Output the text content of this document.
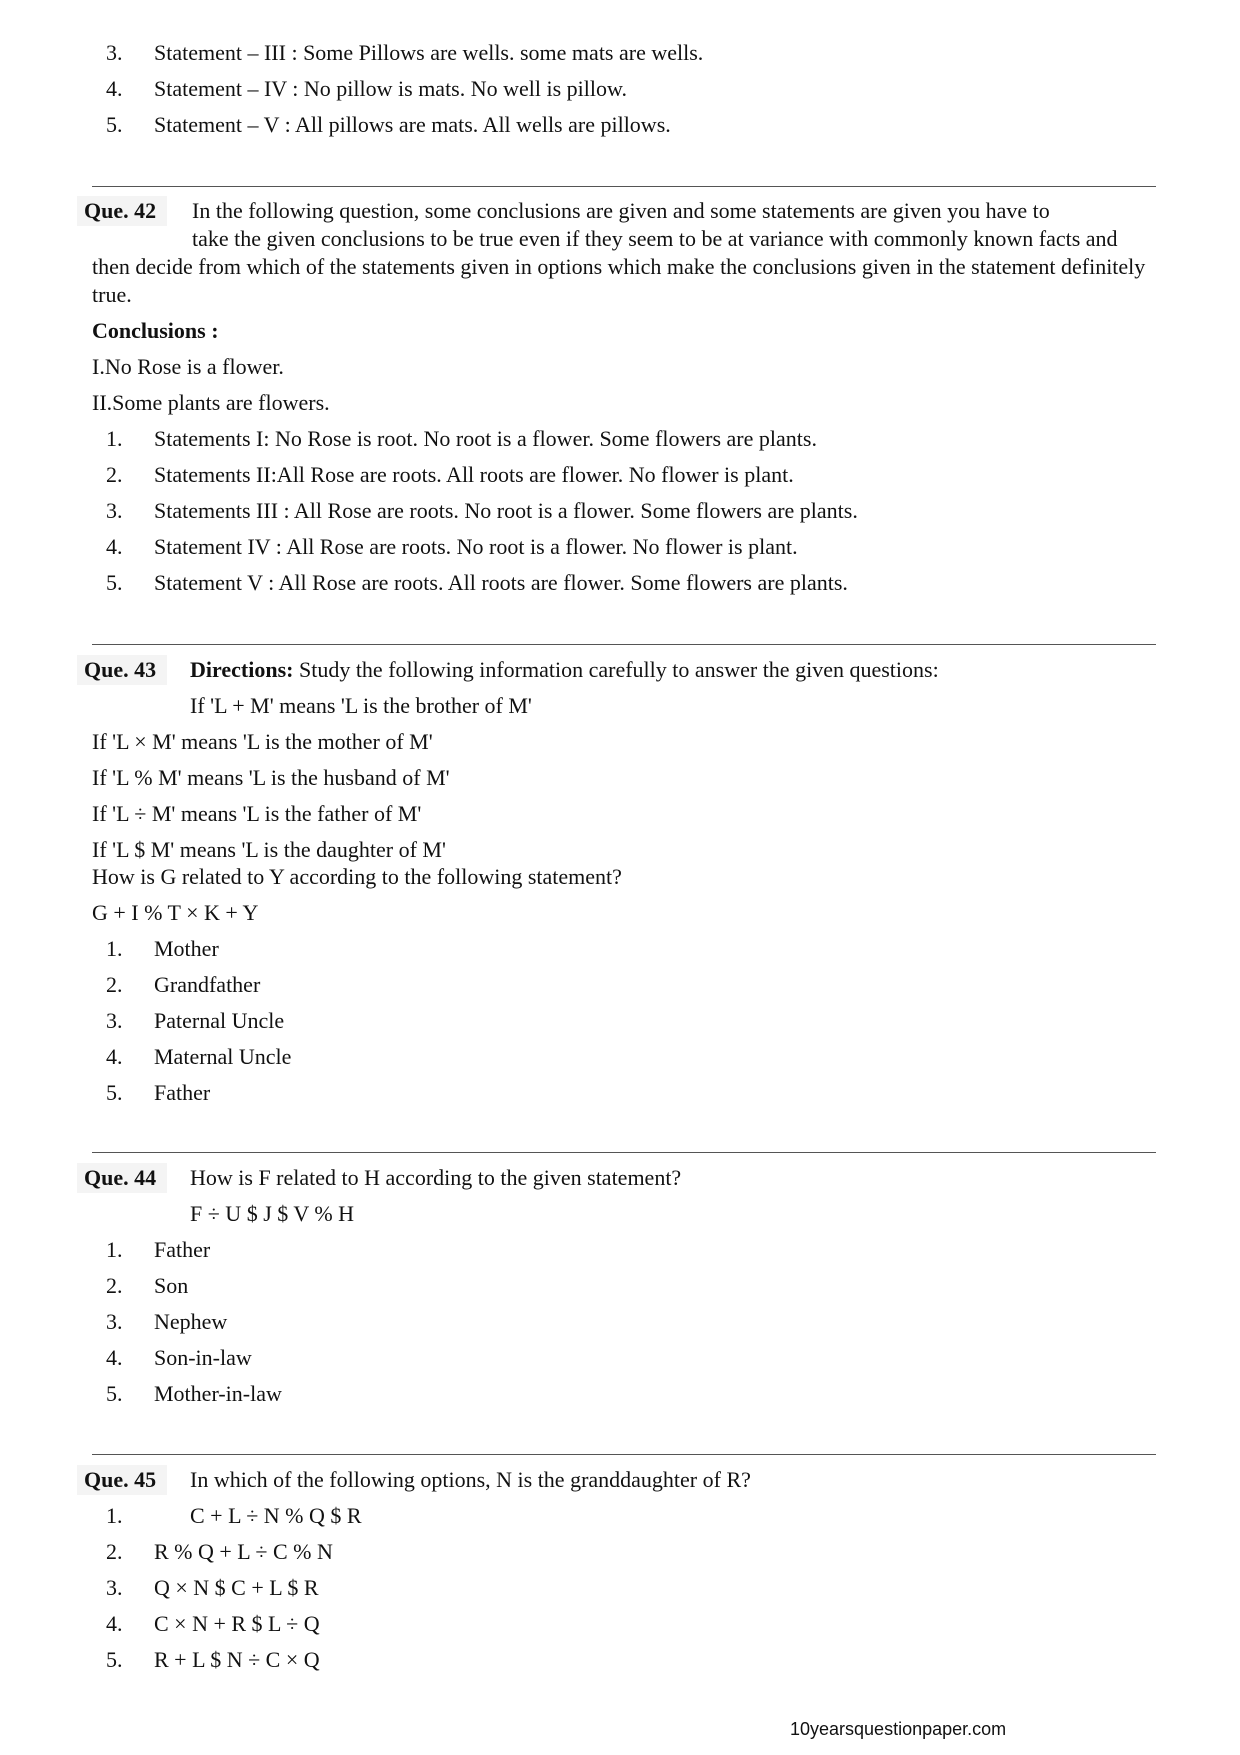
3. Statement – III : Some Pillows are wells. some mats are wells.
4. Statement – IV : No pillow is mats. No well is pillow.
5. Statement – V : All pillows are mats. All wells are pillows.
Que. 42	In the following question, some conclusions are given and some statements are given you have to
take the given conclusions to be true even if they seem to be at variance with commonly known facts and then decide from which of the statements given in options which make the conclusions given in the statement definitely true.
Conclusions :
I.No Rose is a flower.
II.Some plants are flowers.
1. Statements I: No Rose is root. No root is a flower. Some flowers are plants.
2. Statements II:All Rose are roots. All roots are flower. No flower is plant.
3. Statements III : All Rose are roots. No root is a flower. Some flowers are plants.
4. Statement IV : All Rose are roots. No root is a flower. No flower is plant.
5. Statement V : All Rose are roots. All roots are flower. Some flowers are plants.
Que. 43	Directions: Study the following information carefully to answer the given questions:
If 'L + M' means 'L is the brother of M'
If 'L × M' means 'L is the mother of M'
If 'L % M' means 'L is the husband of M'
If 'L ÷ M' means 'L is the father of M'
If 'L $ M' means 'L is the daughter of M'
How is G related to Y according to the following statement?
G + I % T × K + Y
1. Mother
2. Grandfather
3. Paternal Uncle
4. Maternal Uncle
5. Father
Que. 44	How is F related to H according to the given statement?
F ÷ U $ J $ V % H
1. Father
2. Son
3. Nephew
4. Son-in-law
5. Mother-in-law
Que. 45	In which of the following options, N is the granddaughter of R?
1.	C + L ÷ N % Q $ R
2. R % Q + L ÷ C % N
3. Q × N $ C + L $ R
4. C × N + R $ L ÷ Q
5. R + L $ N ÷ C × Q
10yearsquestionpaper.com
